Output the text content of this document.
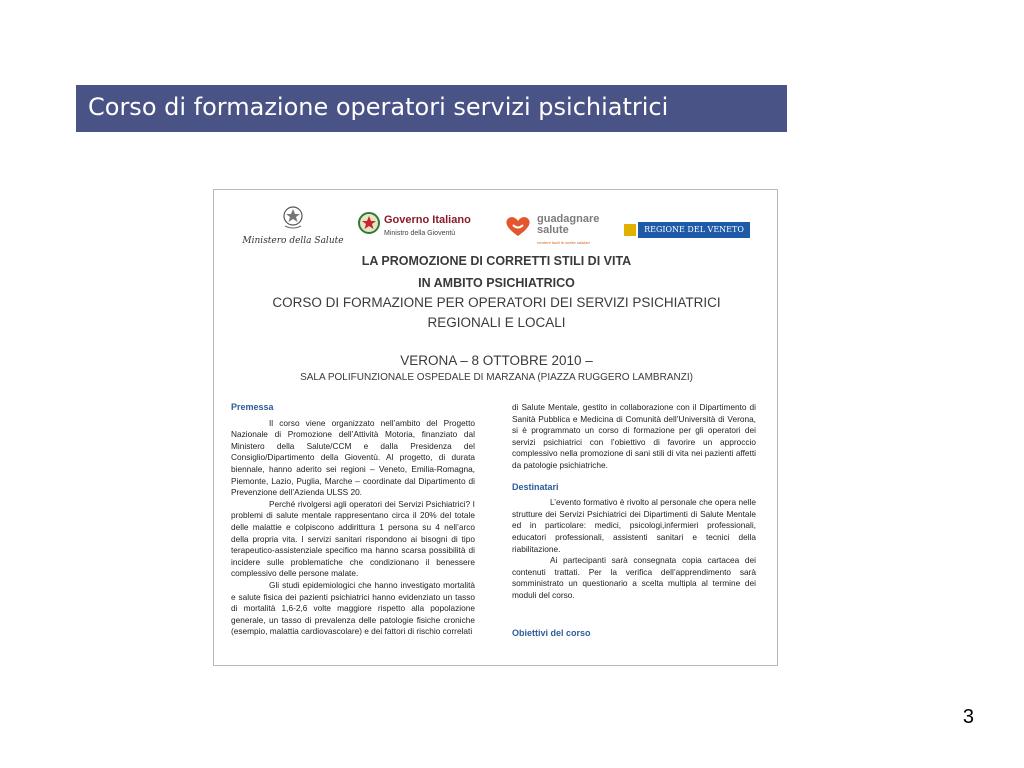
Corso di formazione operatori servizi psichiatrici
Ministero della Salute
Governo Italiano
Ministro della Gioventù
guadagnare salute
rendere facili le scelte salutari
REGIONE DEL VENETO
LA PROMOZIONE DI CORRETTI STILI DI VITA
IN AMBITO PSICHIATRICO
CORSO DI FORMAZIONE PER OPERATORI DEI SERVIZI PSICHIATRICI
REGIONALI E LOCALI
VERONA – 8 OTTOBRE 2010 –
SALA POLIFUNZIONALE OSPEDALE DI MARZANA (PIAZZA RUGGERO LAMBRANZI)

Premessa

Il corso viene organizzato nell’ambito del Progetto Nazionale di Promozione dell’Attività Motoria, finanziato dal Ministero della Salute/CCM e dalla Presidenza del Consiglio/Dipartimento della Gioventù. Al progetto, di durata biennale, hanno aderito sei regioni – Veneto, Emilia-Romagna, Piemonte, Lazio, Puglia, Marche – coordinate dal Dipartimento di Prevenzione dell’Azienda ULSS 20.

Perché rivolgersi agli operatori dei Servizi Psichiatrici? I problemi di salute mentale rappresentano circa il 20% del totale delle malattie e colpiscono addirittura 1 persona su 4 nell’arco della propria vita. I servizi sanitari rispondono ai bisogni di tipo terapeutico-assistenziale specifico ma hanno scarsa possibilità di incidere sulle problematiche che condizionano il benessere complessivo delle persone malate.

Gli studi epidemiologici che hanno investigato mortalità e salute fisica dei pazienti psichiatrici hanno evidenziato un tasso di mortalità 1,6-2,6 volte maggiore rispetto alla popolazione generale, un tasso di prevalenza delle patologie fisiche croniche (esempio, malattia cardiovascolare) e dei fattori di rischio correlati

di Salute Mentale, gestito in collaborazione con il Dipartimento di Sanità Pubblica e Medicina di Comunità dell’Università di Verona, si è programmato un corso di formazione per gli operatori dei servizi psichiatrici con l’obiettivo di favorire un approccio complessivo nella promozione di sani stili di vita nei pazienti affetti da patologie psichiatriche.

Destinatari

L’evento formativo è rivolto al personale che opera nelle strutture dei Servizi Psichiatrici dei Dipartimenti di Salute Mentale ed in particolare: medici, psicologi,infermieri professionali, educatori professionali, assistenti sanitari e tecnici della riabilitazione.

Ai partecipanti sarà consegnata copia cartacea dei contenuti trattati. Per la verifica dell’apprendimento sarà somministrato un questionario a scelta multipla al termine dei moduli del corso.

Obiettivi del corso

3
